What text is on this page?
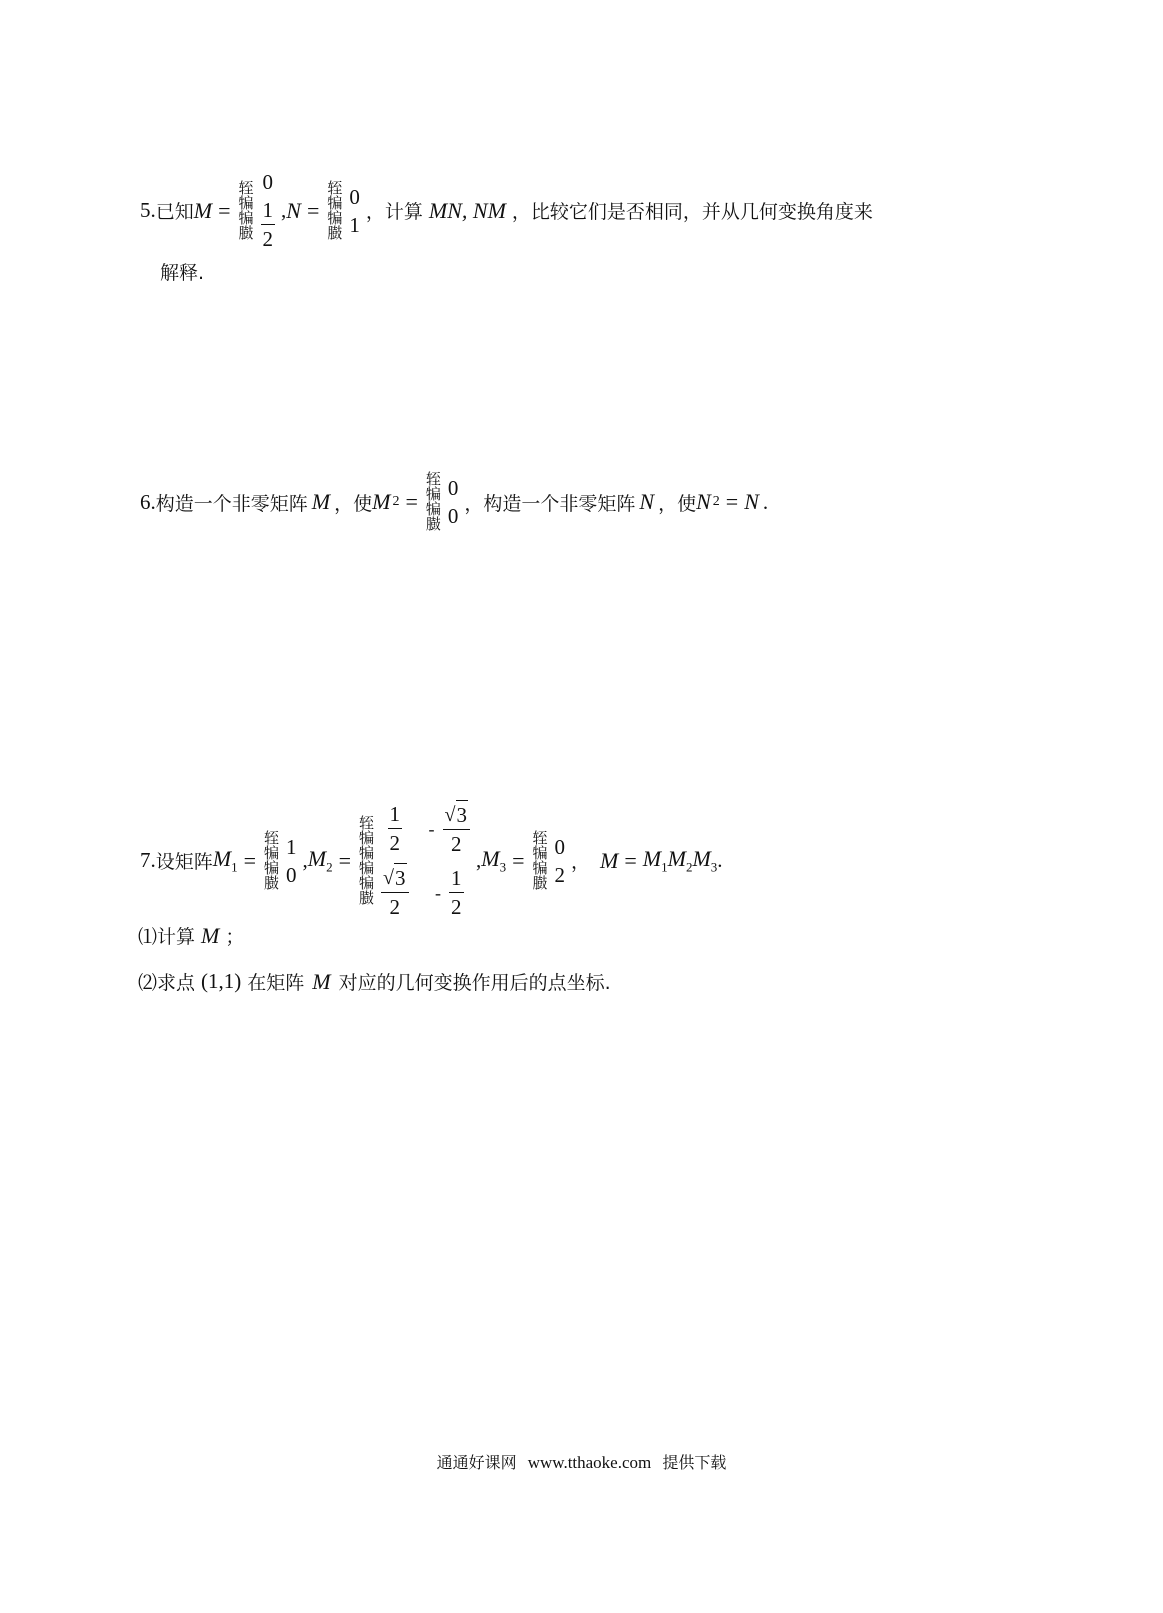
5. 已知 M =
轾
犏
犏
臌
0
$\frac{1}{2}$ , N =
轾
犏
犏
臌
0
1
，计算 MN, NM ，比较它们是否相同，并从几何变换角度来
解释.
6. 构造一个非零矩阵 M ，使 M 2 =
轾
犏
犏
臌
0
0
，构造一个非零矩阵 N ，使 N 2 = N .
7. 设矩阵 $M_1$ =
轾
犏
犏
臌
1
0
, $M_2$ =
轾
犏
犏
犏
犏
臌
$\frac{1}{2}$
$\frac{√ 3}{2}$
- $\frac{√ 3}{2}$
- $\frac{1}{2}$
, $M_3$ =
轾
犏
犏
臌
0
2
， $M = M_1M_2M_3$ .
⑴计算 M ；
⑵求点 (1,1) 在矩阵 M 对应的几何变换作用后的点坐标.
通通好课网 www.tthaoke.com 提供下载
